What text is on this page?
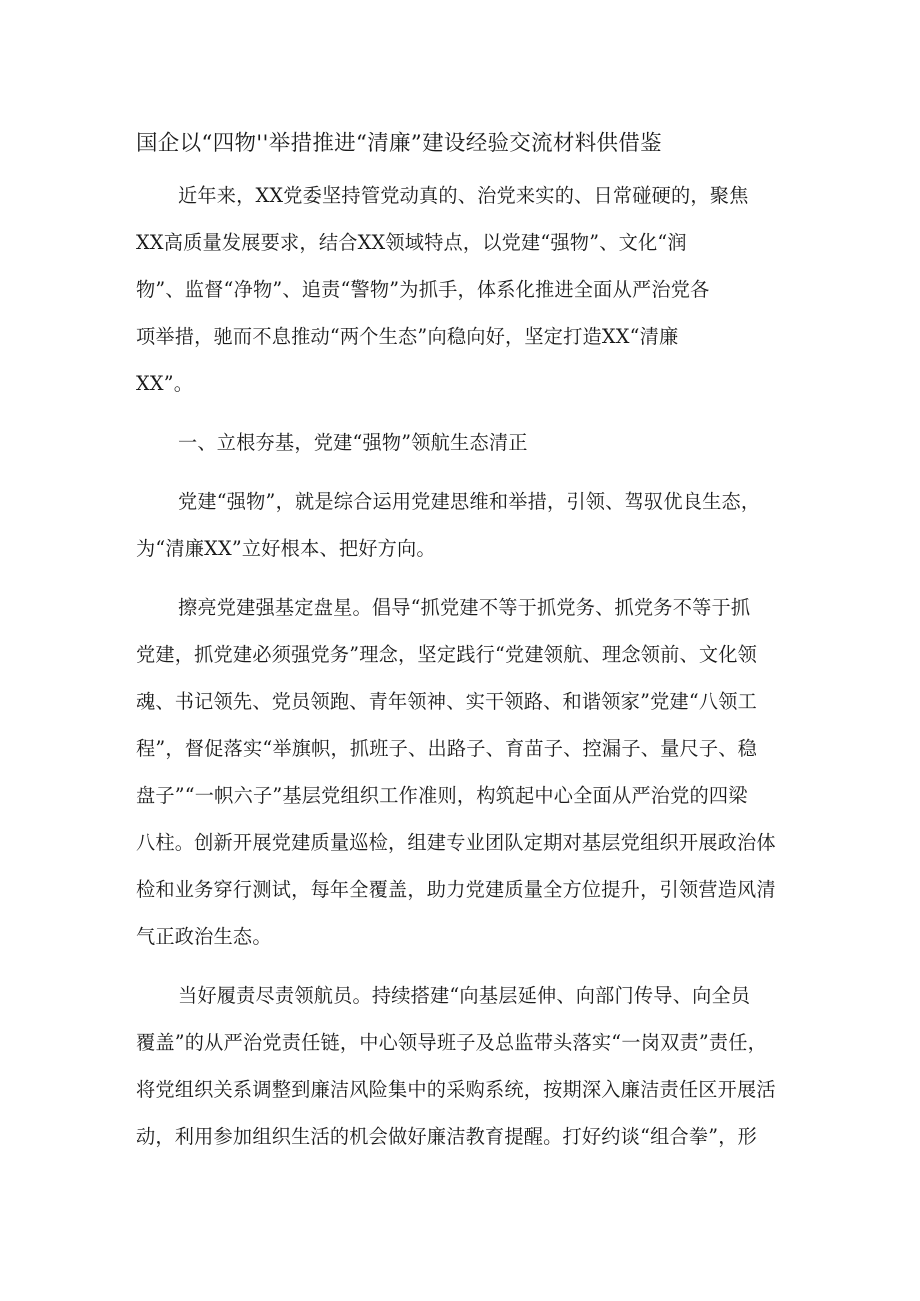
国企以“四物''举措推进“清廉”建设经验交流材料供借鉴
近年来，XX党委坚持管党动真的、治党来实的、日常碰硬的，聚焦
XX高质量发展要求，结合XX领域特点，以党建“强物”、文化“润
物”、监督“净物”、追责“警物”为抓手，体系化推进全面从严治党各
项举措，驰而不息推动“两个生态”向稳向好，坚定打造XX“清廉
XX”。
一、立根夯基，党建“强物”领航生态清正
党建“强物”，就是综合运用党建思维和举措，引领、驾驭优良生态，
为“清廉XX”立好根本、把好方向。
擦亮党建强基定盘星。倡导“抓党建不等于抓党务、抓党务不等于抓
党建，抓党建必须强党务”理念，坚定践行“党建领航、理念领前、文化领
魂、书记领先、党员领跑、青年领神、实干领路、和谐领家”党建“八领工
程”，督促落实“举旗帜，抓班子、出路子、育苗子、控漏子、量尺子、稳
盘子”“一帜六子”基层党组织工作准则，构筑起中心全面从严治党的四梁
八柱。创新开展党建质量巡检，组建专业团队定期对基层党组织开展政治体
检和业务穿行测试，每年全覆盖，助力党建质量全方位提升，引领营造风清
气正政治生态。
当好履责尽责领航员。持续搭建“向基层延伸、向部门传导、向全员
覆盖”的从严治党责任链，中心领导班子及总监带头落实“一岗双责”责任，
将党组织关系调整到廉洁风险集中的采购系统，按期深入廉洁责任区开展活
动，利用参加组织生活的机会做好廉洁教育提醒。打好约谈“组合拳”，形
